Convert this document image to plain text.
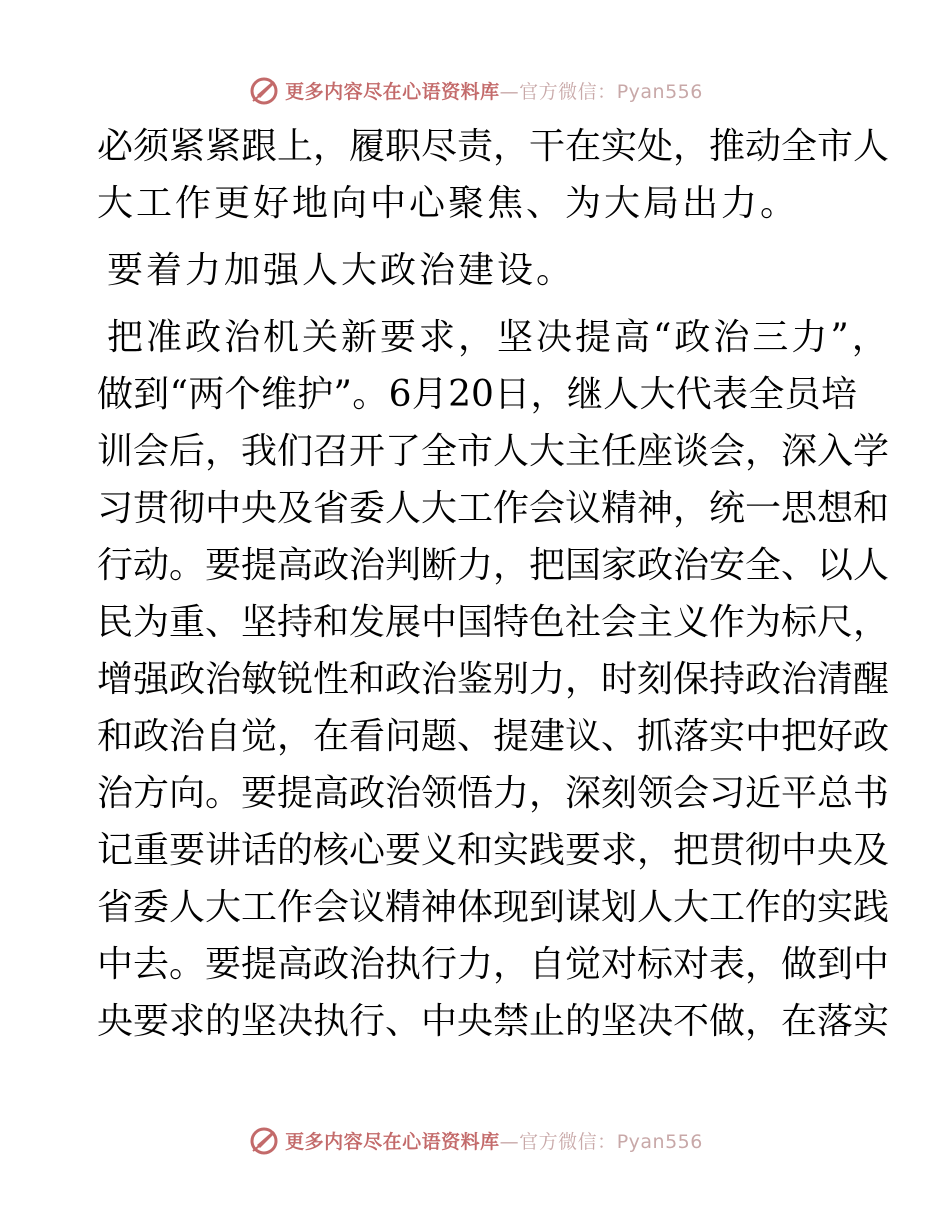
更多内容尽在心语资料库—官方微信：Pyan556
必须紧紧跟上，履职尽责，干在实处，推动全市人
大工作更好地向中心聚焦、为大局出力。
要着力加强人大政治建设。
把准政治机关新要求，坚决提高“政治三力”，
做到“两个维护”。6月20日，继人大代表全员培
训会后，我们召开了全市人大主任座谈会，深入学
习贯彻中央及省委人大工作会议精神，统一思想和
行动。要提高政治判断力，把国家政治安全、以人
民为重、坚持和发展中国特色社会主义作为标尺，
增强政治敏锐性和政治鉴别力，时刻保持政治清醒
和政治自觉，在看问题、提建议、抓落实中把好政
治方向。要提高政治领悟力，深刻领会习近平总书
记重要讲话的核心要义和实践要求，把贯彻中央及
省委人大工作会议精神体现到谋划人大工作的实践
中去。要提高政治执行力，自觉对标对表，做到中
央要求的坚决执行、中央禁止的坚决不做，在落实
更多内容尽在心语资料库—官方微信：Pyan556
